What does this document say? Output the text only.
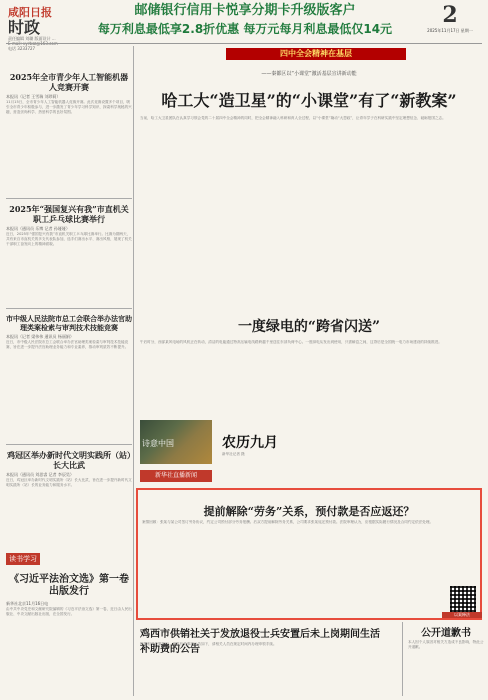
咸阳日报
时政
责任编辑 刘璐 版面设计 ...
电话 3233727
邮储银行信用卡悦享分期卡升级版客户
每万利息最低享2.8折优惠 每万元每月利息最低仅14元
2
2025年11月17日 星期一
2025年全市青少年人工智能机器人竞赛开赛
本报讯（记者 王雪瑞 刘珍莉）
11月15日，全市青少年人工智能机器人竞赛开赛。此次竞赛设置多个项目，吸引全市青少年积极参与，进一步激发了青少年学习科学知识、探索科学奥秘的兴趣，营造崇尚科学、热爱科学的良好氛围。
2025年“强国复兴有我”市直机关职工乒乓球比赛举行
本报讯（通讯员 乐博 记者 孙娅娅）
近日，2025年“强国复兴有我”市直机关职工乒乓球比赛举行。比赛为期两天，共有来自市直机关的多支代表队参加，选手们赛出水平、赛出风格，展现了机关干部职工奋发向上的精神面貌。
市中级人民法院市总工会联合举办法官助理类案检索与审判技术技能竞赛
本报讯（记者 梁伟伟 通讯员 杨丽娟）
近日，市中级人民法院市总工会联合举办法官助理类案检索与审判技术技能竞赛，旨在进一步提升法官助理业务能力和专业素养，推动审判质效不断提升。
鸡冠区举办新时代文明实践所（站）长大比武
本报讯（通讯员 刘思睿 记者 李辰昊）
近日，鸡冠区举办新时代文明实践所（站）长大比武，旨在进一步提升新时代文明实践所（站）长的业务能力和服务水平。
读书学习
《习近平法治文选》第一卷出版发行
新华社北京11月16日电
由中共中央党史和文献研究院编辑的《习近平法治文选》第一卷，近日由人民出版社、中央文献出版社出版，在全国发行。
四中全会精神在基层
——秦都区以“小课堂”激活基层宣讲新动能
哈工大“造卫星”的“小课堂”有了“新教案”
当前，哈工大卫星团队在认真学习领会党的二十届四中全会精神的同时，把全会精神融入科研和育人全过程，以“小课堂”撬动“大思政”，让青年学子在科研实践中坚定理想信念、砥砺报国之志。
一度绿电的“跨省闪送”
午后时分，西部某风电场的风机正在转动，清洁的电能通过特高压输电线路跨越千里送往东部负荷中心。一度绿电从发出到使用，只需瞬息之间，这背后是全国统一电力市场建设的持续推进。
诗意中国	农历九月
新华社记者 摄
新华社直播新闻
提前解除“劳务”关系，预付款是否应返还？
案情回顾：张某与某公司签订劳务协议，约定公司预付部分劳务报酬。后双方提前解除劳务关系，公司要求张某返还预付款。法院审理认为，应根据实际履行情况及合同约定依法处理。
以案释法
鸡西市供销社关于发放退役士兵安置后未上岗期间生活补助费的公告
根据相关政策规定，现将有关事项公告如下，请相关人员在规定时间内办理申领手续。
公开道歉书
本人因个人原因对相关方造成不良影响，特此公开道歉。
